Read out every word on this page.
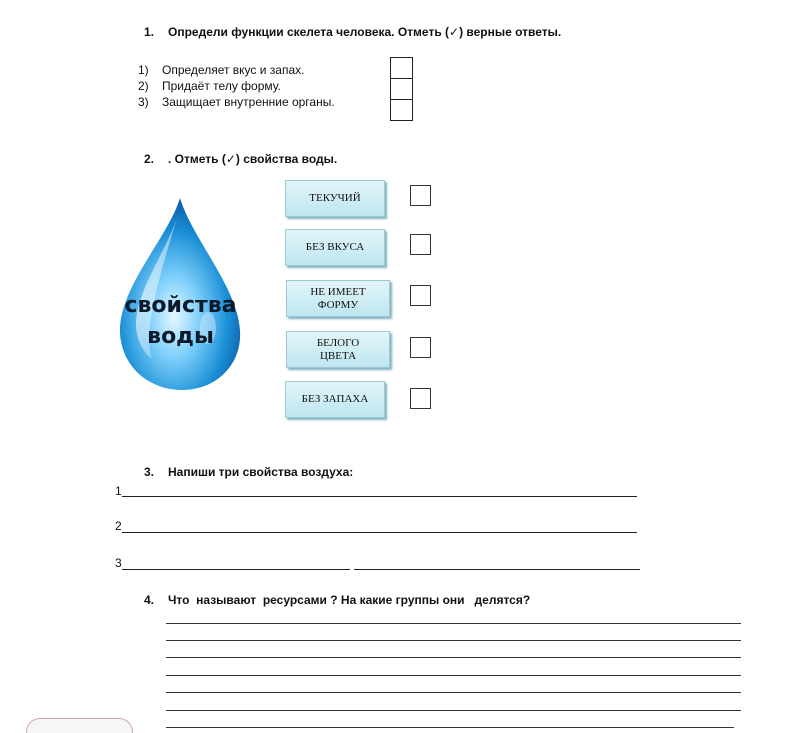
1. Определи функции скелета человека. Отметь (✓) верные ответы.
1)	Определяет вкус и запах.
2)	Придаёт телу форму.
3)	Защищает внутренние органы.
2. . Отметь (✓) свойства воды.
свойства
воды
ТЕКУЧИЙ
БЕЗ ВКУСА
НЕ ИМЕЕТ ФОРМУ
БЕЛОГО ЦВЕТА
БЕЗ ЗАПАХА
3. Напиши три свойства воздуха:
1
2
3
4. Что  называют  ресурсами ? На какие группы они   делятся?
